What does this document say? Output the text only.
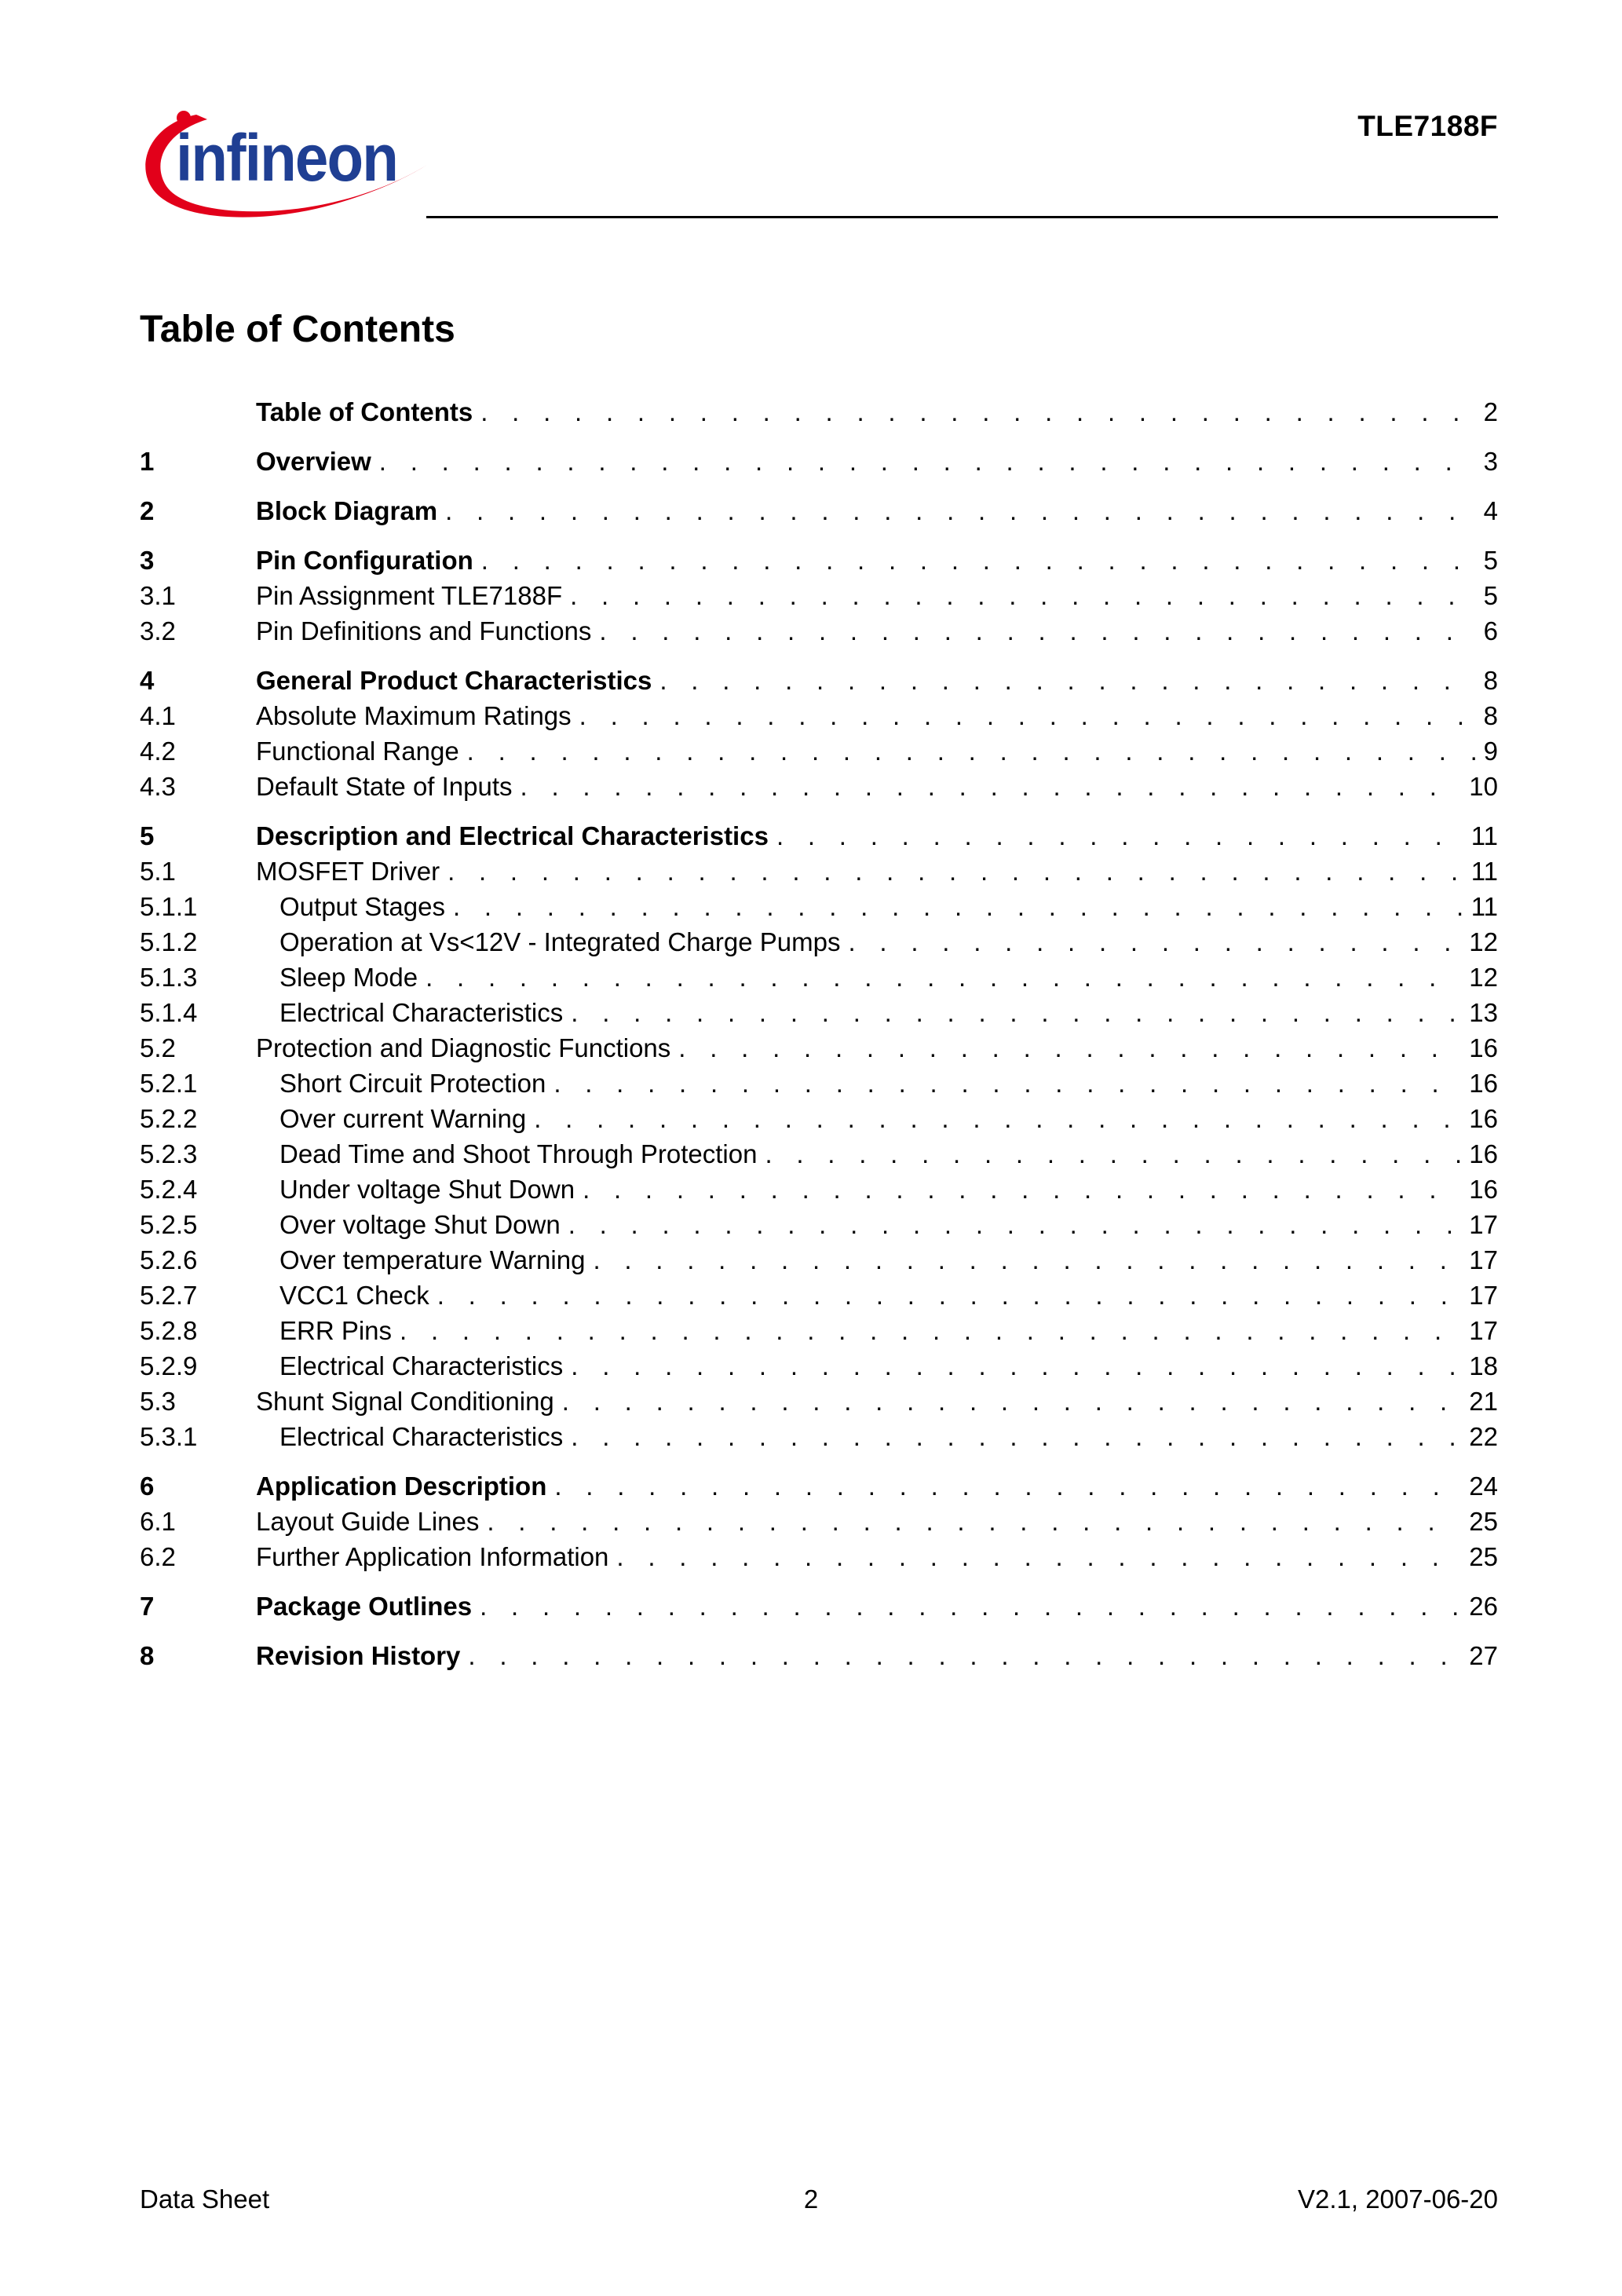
infineon	TLE7188F
Table of Contents
Table of Contents . . .	2
1	Overview . . .	3
2	Block Diagram . . .	4
3	Pin Configuration . . .	5
3.1	Pin Assignment TLE7188F . . .	5
3.2	Pin Definitions and Functions . . .	6
4	General Product Characteristics . . .	8
4.1	Absolute Maximum Ratings . . .	8
4.2	Functional Range . . .	9
4.3	Default State of Inputs . . .	10
5	Description and Electrical Characteristics . . .	11
5.1	MOSFET Driver . . .	11
5.1.1	Output Stages . . .	11
5.1.2	Operation at Vs<12V - Integrated Charge Pumps . . .	12
5.1.3	Sleep Mode . . .	12
5.1.4	Electrical Characteristics . . .	13
5.2	Protection and Diagnostic Functions . . .	16
5.2.1	Short Circuit Protection . . .	16
5.2.2	Over current Warning . . .	16
5.2.3	Dead Time and Shoot Through Protection . . .	16
5.2.4	Under voltage Shut Down . . .	16
5.2.5	Over voltage Shut Down . . .	17
5.2.6	Over temperature Warning . . .	17
5.2.7	VCC1 Check . . .	17
5.2.8	ERR Pins . . .	17
5.2.9	Electrical Characteristics . . .	18
5.3	Shunt Signal Conditioning . . .	21
5.3.1	Electrical Characteristics . . .	22
6	Application Description . . .	24
6.1	Layout Guide Lines . . .	25
6.2	Further Application Information . . .	25
7	Package Outlines . . .	26
8	Revision History . . .	27
Data Sheet	2	V2.1, 2007-06-20
